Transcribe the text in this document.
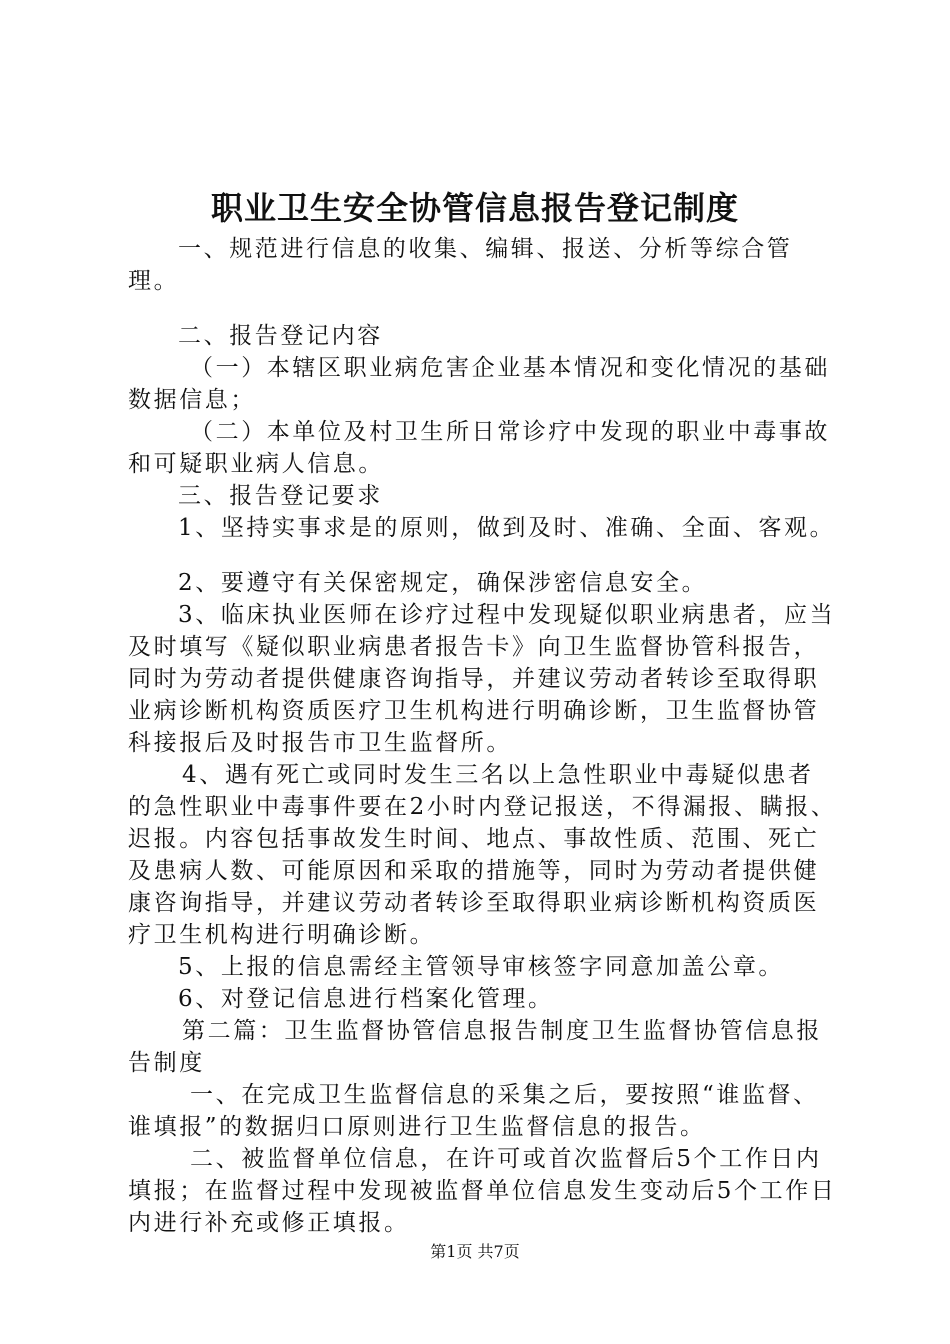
职业卫生安全协管信息报告登记制度

一、规范进行信息的收集、编辑、报送、分析等综合管理。

二、报告登记内容

（一）本辖区职业病危害企业基本情况和变化情况的基础数据信息；

（二）本单位及村卫生所日常诊疗中发现的职业中毒事故和可疑职业病人信息。

三、报告登记要求

1、坚持实事求是的原则，做到及时、准确、全面、客观。

2、要遵守有关保密规定，确保涉密信息安全。

3、临床执业医师在诊疗过程中发现疑似职业病患者，应当及时填写《疑似职业病患者报告卡》向卫生监督协管科报告，同时为劳动者提供健康咨询指导，并建议劳动者转诊至取得职业病诊断机构资质医疗卫生机构进行明确诊断，卫生监督协管科接报后及时报告市卫生监督所。

4、遇有死亡或同时发生三名以上急性职业中毒疑似患者的急性职业中毒事件要在2小时内登记报送，不得漏报、瞒报、迟报。内容包括事故发生时间、地点、事故性质、范围、死亡及患病人数、可能原因和采取的措施等，同时为劳动者提供健康咨询指导，并建议劳动者转诊至取得职业病诊断机构资质医疗卫生机构进行明确诊断。

5、上报的信息需经主管领导审核签字同意加盖公章。

6、对登记信息进行档案化管理。

第二篇：卫生监督协管信息报告制度卫生监督协管信息报告制度

一、在完成卫生监督信息的采集之后，要按照“谁监督、谁填报”的数据归口原则进行卫生监督信息的报告。

二、被监督单位信息，在许可或首次监督后5个工作日内填报；在监督过程中发现被监督单位信息发生变动后5个工作日内进行补充或修正填报。

第1页 共7页
